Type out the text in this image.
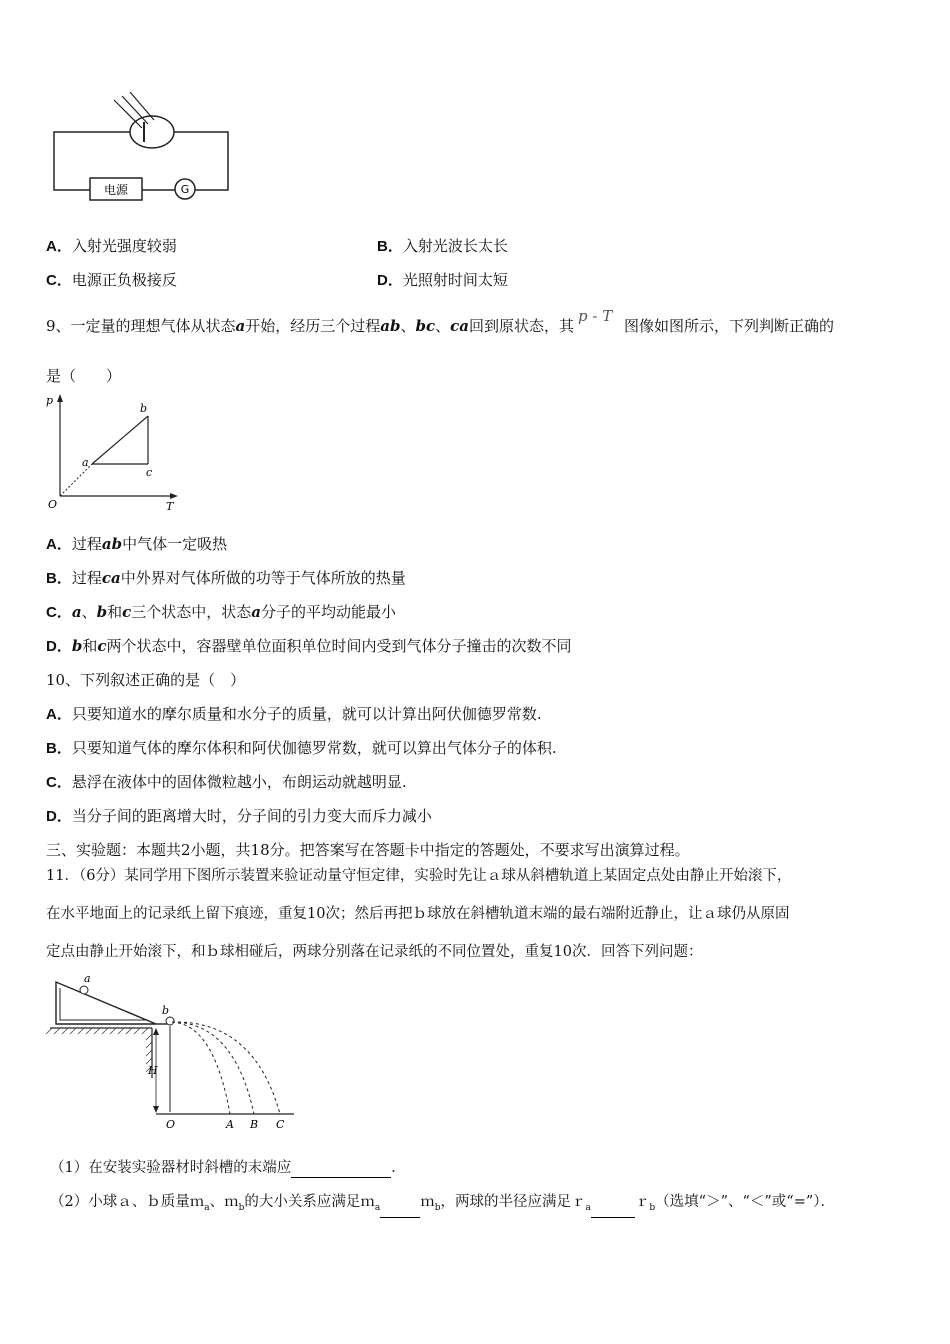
电源	G
A．入射光强度较弱	B．入射光波长太长
C．电源正负极接反	D．光照射时间太短
9、一定量的理想气体从状态a开始，经历三个过程ab、bc、ca回到原状态，其p - T图像如图所示，下列判断正确的
是（　　）
p
T
O
a
b
c
A．过程ab中气体一定吸热
B．过程ca中外界对气体所做的功等于气体所放的热量
C．a、b和c三个状态中，状态a分子的平均动能最小
D．b和c两个状态中，容器壁单位面积单位时间内受到气体分子撞击的次数不同
10、下列叙述正确的是（　）
A．只要知道水的摩尔质量和水分子的质量，就可以计算出阿伏伽德罗常数.
B．只要知道气体的摩尔体积和阿伏伽德罗常数，就可以算出气体分子的体积.
C．悬浮在液体中的固体微粒越小，布朗运动就越明显.
D．当分子间的距离增大时，分子间的引力变大而斥力减小
三、实验题：本题共2小题，共18分。把答案写在答题卡中指定的答题处，不要求写出演算过程。
11．（6分）某同学用下图所示装置来验证动量守恒定律，实验时先让ａ球从斜槽轨道上某固定点处由静止开始滚下，
在水平地面上的记录纸上留下痕迹，重复10次；然后再把ｂ球放在斜槽轨道末端的最右端附近静止，让ａ球仍从原固
定点由静止开始滚下，和ｂ球相碰后，两球分别落在记录纸的不同位置处，重复10次．回答下列问题：
a
b
H
O	A B C
（1）在安装实验器材时斜槽的末端应	．
（2）小球ａ、ｂ质量ｍ$_a$、ｍ$_b$的大小关系应满足ｍ$_a$	ｍ$_b$，两球的半径应满足ｒ$_a$	ｒ$_b$（选填“＞”、“＜”或“=”）．
